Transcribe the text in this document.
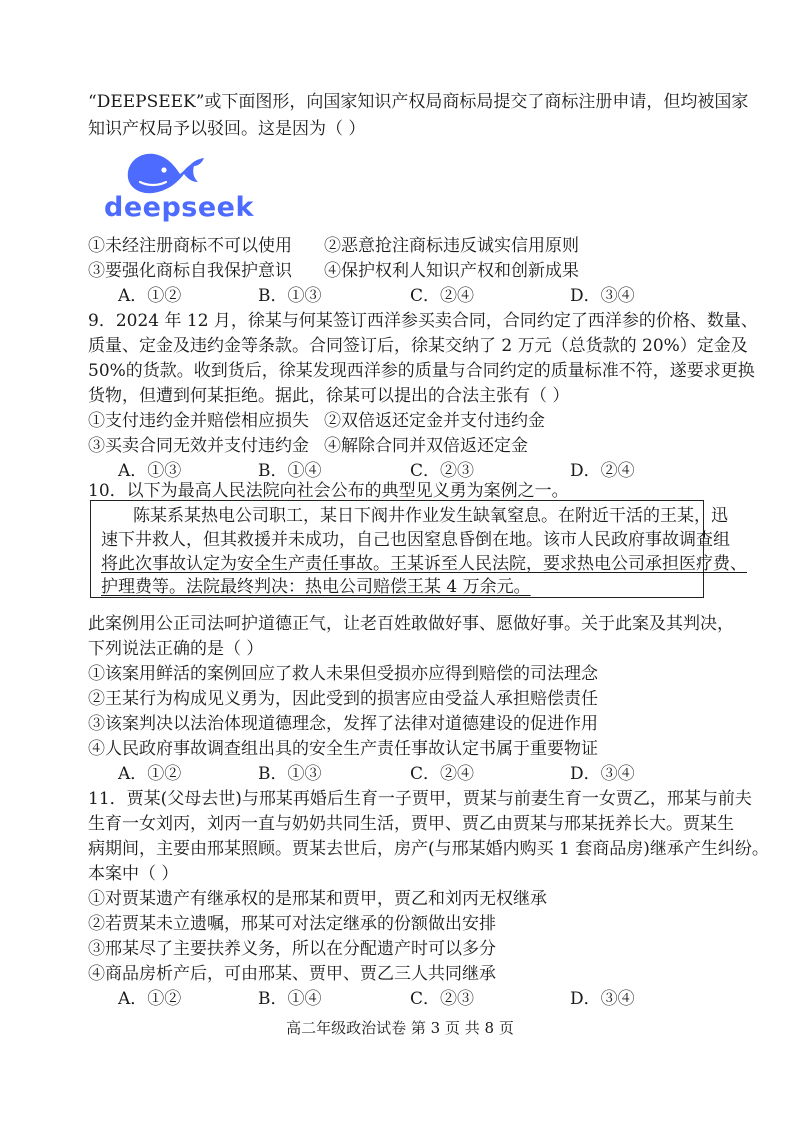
“DEEPSEEK”或下面图形，向国家知识产权局商标局提交了商标注册申请，但均被国家
知识产权局予以驳回。这是因为（ ）
deepseek
①未经注册商标不可以使用 ②恶意抢注商标违反诚实信用原则
③要强化商标自我保护意识 ④保护权利人知识产权和创新成果
A．①②	B．①③	C．②④	D．③④
9．2024 年 12 月，徐某与何某签订西洋参买卖合同，合同约定了西洋参的价格、数量、
质量、定金及违约金等条款。合同签订后，徐某交纳了 2 万元（总货款的 20%）定金及
50%的货款。收到货后，徐某发现西洋参的质量与合同约定的质量标准不符，遂要求更换
货物，但遭到何某拒绝。据此，徐某可以提出的合法主张有（ ）
①支付违约金并赔偿相应损失 ②双倍返还定金并支付违约金
③买卖合同无效并支付违约金 ④解除合同并双倍返还定金
A．①③	B．①④	C．②③	D．②④
10．以下为最高人民法院向社会公布的典型见义勇为案例之一。
陈某系某热电公司职工，某日下阀井作业发生缺氧窒息。在附近干活的王某，迅
速下井救人，但其救援并未成功，自己也因窒息昏倒在地。该市人民政府事故调查组
将此次事故认定为安全生产责任事故。王某诉至人民法院，要求热电公司承担医疗费、
护理费等。法院最终判决：热电公司赔偿王某 4 万余元。
此案例用公正司法呵护道德正气，让老百姓敢做好事、愿做好事。关于此案及其判决，
下列说法正确的是（ ）
①该案用鲜活的案例回应了救人未果但受损亦应得到赔偿的司法理念
②王某行为构成见义勇为，因此受到的损害应由受益人承担赔偿责任
③该案判决以法治体现道德理念，发挥了法律对道德建设的促进作用
④人民政府事故调查组出具的安全生产责任事故认定书属于重要物证
A．①②	B．①③	C．②④	D．③④
11．贾某(父母去世)与邢某再婚后生育一子贾甲，贾某与前妻生育一女贾乙，邢某与前夫
生育一女刘丙，刘丙一直与奶奶共同生活，贾甲、贾乙由贾某与邢某抚养长大。贾某生
病期间，主要由邢某照顾。贾某去世后，房产(与邢某婚内购买 1 套商品房)继承产生纠纷。
本案中（ ）
①对贾某遗产有继承权的是邢某和贾甲，贾乙和刘丙无权继承
②若贾某未立遗嘱，邢某可对法定继承的份额做出安排
③邢某尽了主要扶养义务，所以在分配遗产时可以多分
④商品房析产后，可由邢某、贾甲、贾乙三人共同继承
A．①②	B．①④	C．②③	D．③④
高二年级政治试卷 第 3 页 共 8 页
